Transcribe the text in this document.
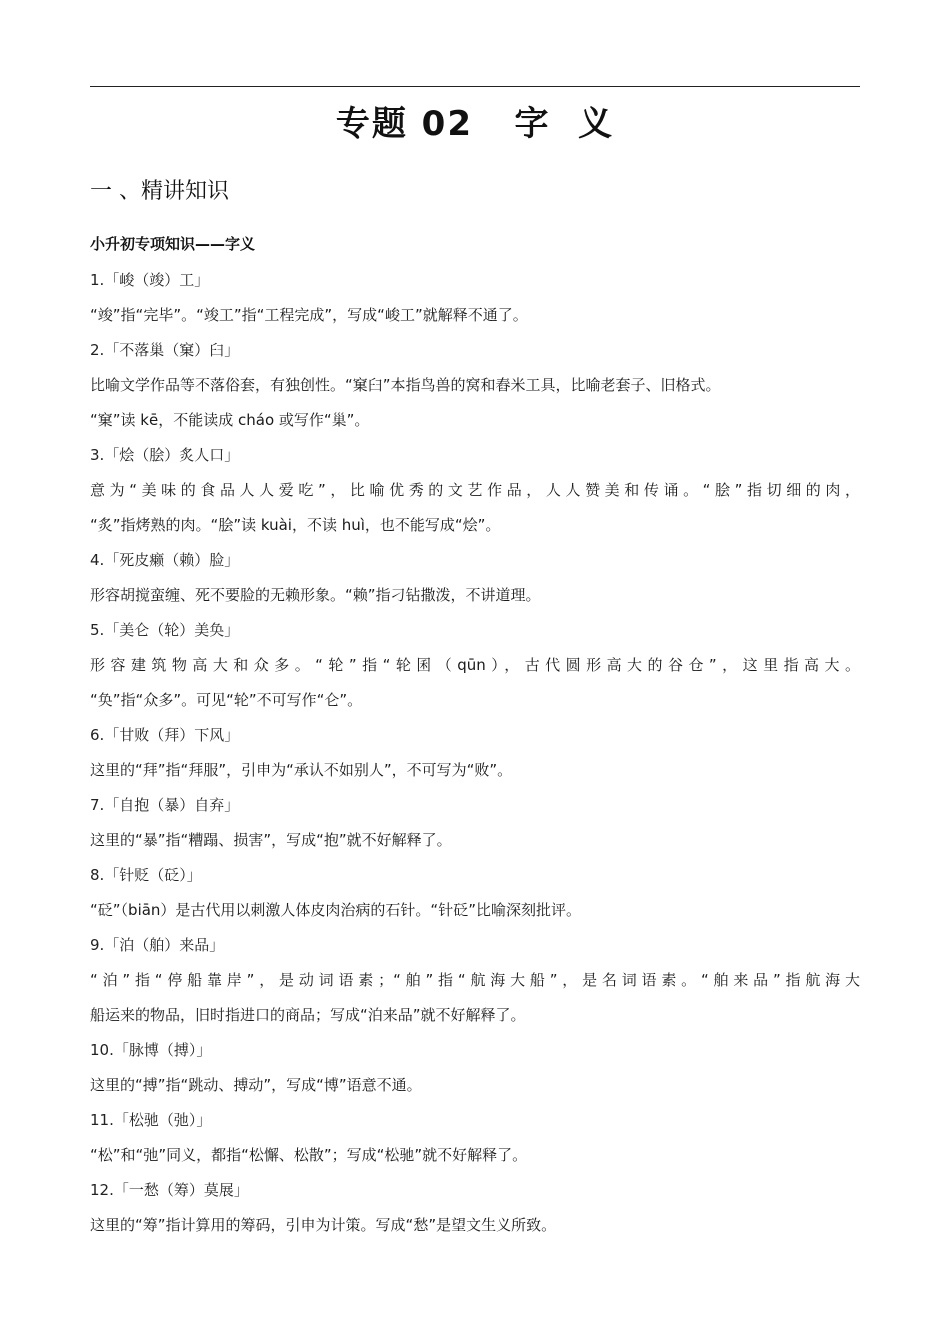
专题 02   字  义
一 、精讲知识
小升初专项知识——字义
1.「峻（竣）工」
“竣”指“完毕”。“竣工”指“工程完成”，写成“峻工”就解释不通了。
2.「不落巢（窠）臼」
比喻文学作品等不落俗套，有独创性。“窠臼”本指鸟兽的窝和舂米工具，比喻老套子、旧格式。
“窠”读 kē，不能读成 cháo 或写作“巢”。
3.「烩（脍）炙人口」
意为“美味的食品人人爱吃”，比喻优秀的文艺作品，人人赞美和传诵。“脍”指切细的肉，
“炙”指烤熟的肉。“脍”读 kuài，不读 huì，也不能写成“烩”。
4.「死皮癞（赖）脸」
形容胡搅蛮缠、死不要脸的无赖形象。“赖”指刁钻撒泼，不讲道理。
5.「美仑（轮）美奂」
形容建筑物高大和众多。“轮”指“轮囷（qūn），古代圆形高大的谷仓”，这里指高大。
“奂”指“众多”。可见“轮”不可写作“仑”。
6.「甘败（拜）下风」
这里的“拜”指“拜服”，引申为“承认不如别人”，不可写为“败”。
7.「自抱（暴）自弃」
这里的“暴”指“糟蹋、损害”，写成“抱”就不好解释了。
8.「针贬（砭）」
“砭”（biān）是古代用以刺激人体皮肉治病的石针。“针砭”比喻深刻批评。
9.「泊（舶）来品」
“泊”指“停船靠岸”，是动词语素；“舶”指“航海大船”，是名词语素。“舶来品”指航海大
船运来的物品，旧时指进口的商品；写成“泊来品”就不好解释了。
10.「脉博（搏）」
这里的“搏”指“跳动、搏动”，写成“博”语意不通。
11.「松驰（弛）」
“松”和“弛”同义，都指“松懈、松散”；写成“松驰”就不好解释了。
12.「一愁（筹）莫展」
这里的“筹”指计算用的筹码，引申为计策。写成“愁”是望文生义所致。
